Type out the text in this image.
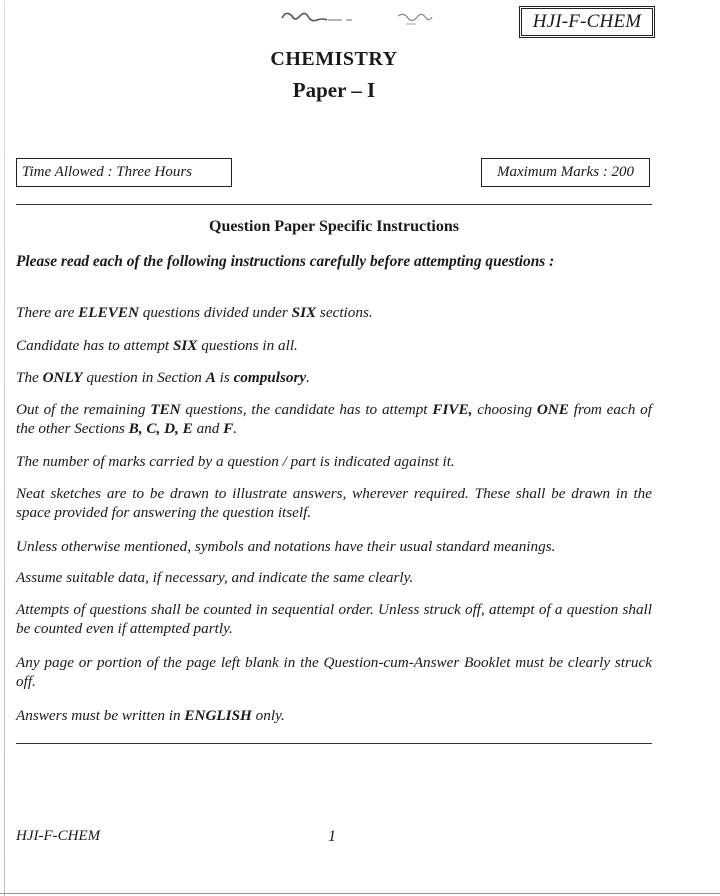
HJI-F-CHEM
CHEMISTRY
Paper – I
Time Allowed : Three Hours	Maximum Marks : 200
Question Paper Specific Instructions
Please read each of the following instructions carefully before attempting questions :
There are ELEVEN questions divided under SIX sections.
Candidate has to attempt SIX questions in all.
The ONLY question in Section A is compulsory.
Out of the remaining TEN questions, the candidate has to attempt FIVE, choosing ONE from each of the other Sections B, C, D, E and F.
The number of marks carried by a question / part is indicated against it.
Neat sketches are to be drawn to illustrate answers, wherever required. These shall be drawn in the space provided for answering the question itself.
Unless otherwise mentioned, symbols and notations have their usual standard meanings.
Assume suitable data, if necessary, and indicate the same clearly.
Attempts of questions shall be counted in sequential order. Unless struck off, attempt of a question shall be counted even if attempted partly.
Any page or portion of the page left blank in the Question-cum-Answer Booklet must be clearly struck off.
Answers must be written in ENGLISH only.
HJI-F-CHEM	1
